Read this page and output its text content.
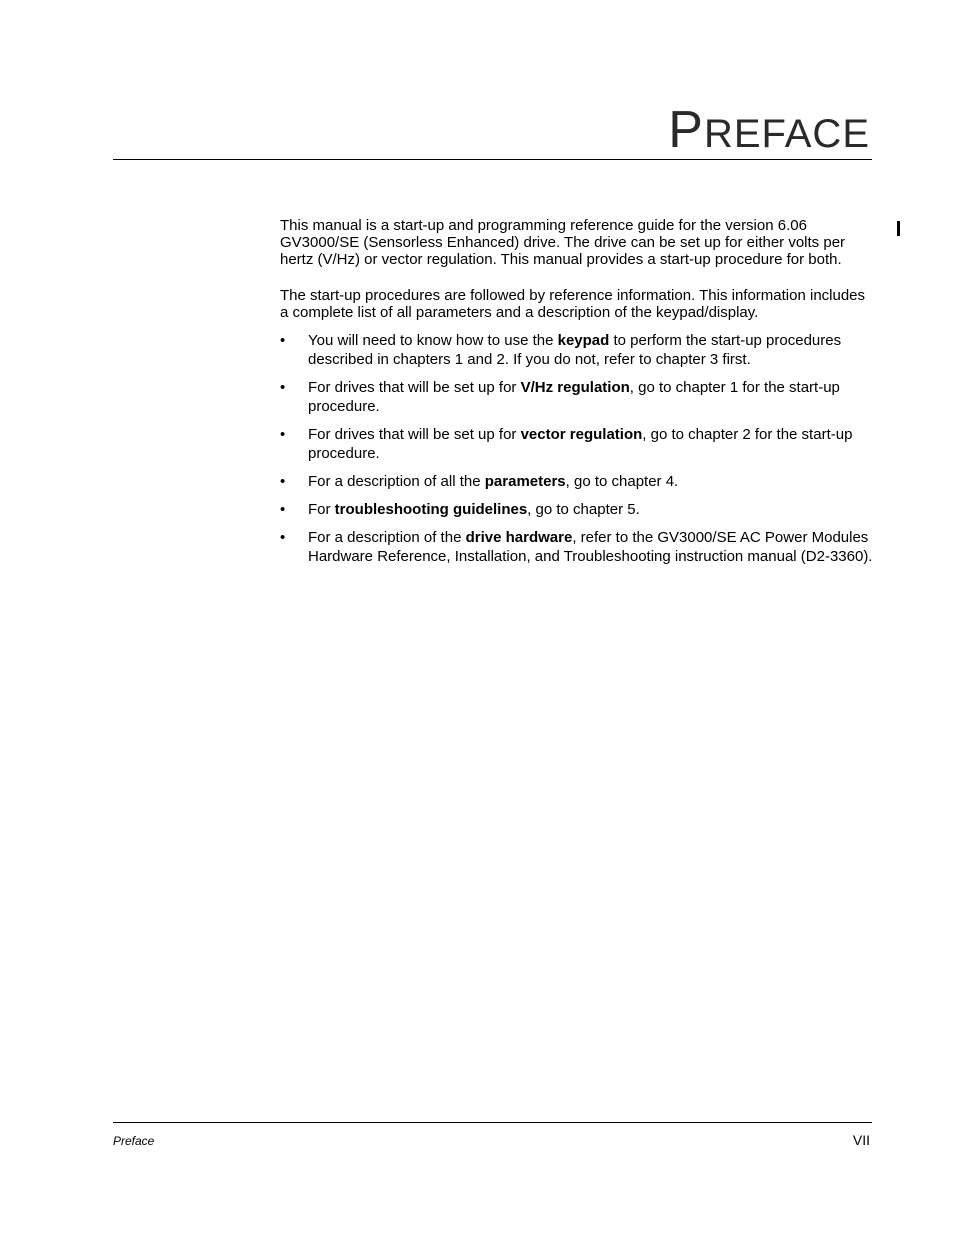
PREFACE

This manual is a start-up and programming reference guide for the version 6.06 GV3000/SE (Sensorless Enhanced) drive. The drive can be set up for either volts per hertz (V/Hz) or vector regulation. This manual provides a start-up procedure for both.

The start-up procedures are followed by reference information. This information includes a complete list of all parameters and a description of the keypad/display.

• You will need to know how to use the keypad to perform the start-up procedures described in chapters 1 and 2. If you do not, refer to chapter 3 first.
• For drives that will be set up for V/Hz regulation, go to chapter 1 for the start-up procedure.
• For drives that will be set up for vector regulation, go to chapter 2 for the start-up procedure.
• For a description of all the parameters, go to chapter 4.
• For troubleshooting guidelines, go to chapter 5.
• For a description of the drive hardware, refer to the GV3000/SE AC Power Modules Hardware Reference, Installation, and Troubleshooting instruction manual (D2-3360).
Preface	VII
